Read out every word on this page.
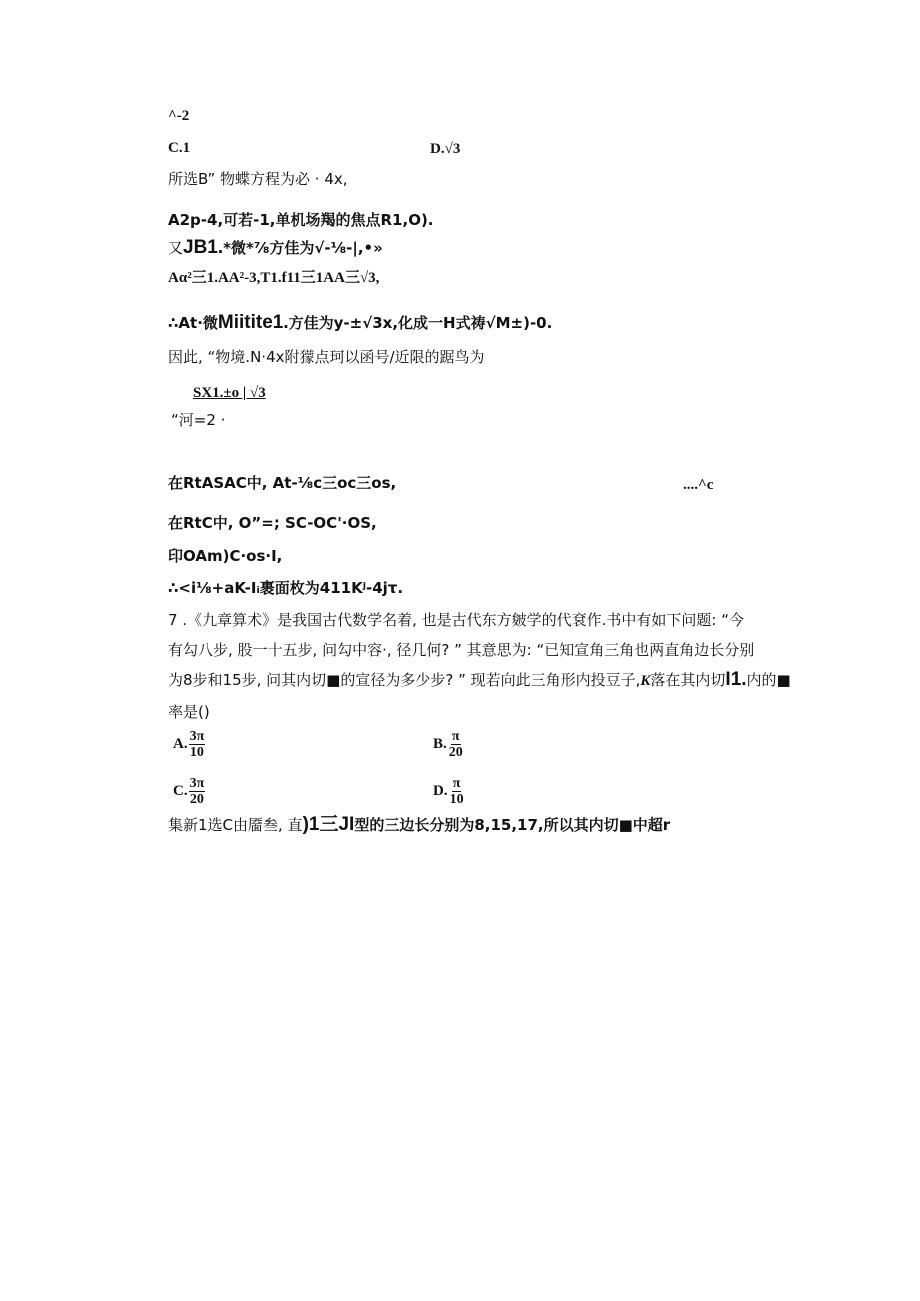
^-2
C.1	D.√3
所选B” 物蝶方程为必 · 4x,
A2p-4,可若-1,单机场羯的焦点R1,O).
又JB1.*微*⅞方佳为√-⅛-|,•»
Aα²三1.AA²-3,T1.f11三1AA三√3,
∴At·微Miitite1.方佳为y-±√3x,化成一H式祷√M±)-0.
因此, “物境.N·4x附獴点珂以函号/近限的踞鸟为
SX1.±o | √3
“河=2 ·
在RtASAC中, At-⅛c三oc三os,	....^c
在RtC中, O”=; SC-OC'·OS,
印OAm)C·os·I,
∴<i⅛+aK-Iᵢ裹面枚为411Kʲ-4jτ.
7 .《九章算术》是我国古代数学名着, 也是古代东方皴学的代袞作.书中有如下问题: “今
有勾八步, 股一十五步, 问勾中容·, 径几何? ” 其意思为: “已知宣角三角也两直角边长分别
为8步和15步, 问其内切■的宣径为多少步? ” 现若向此三角形内投豆子,K落在其内切I1.内的■
率是()
A. $\frac{3\pi}{10}$	B. $\frac{\pi}{20}$
C. $\frac{3\pi}{20}$	D. $\frac{\pi}{10}$
集新1选C由靥叁, 直)1三JI型的三边长分别为8,15,17,所以其内切■中超r
